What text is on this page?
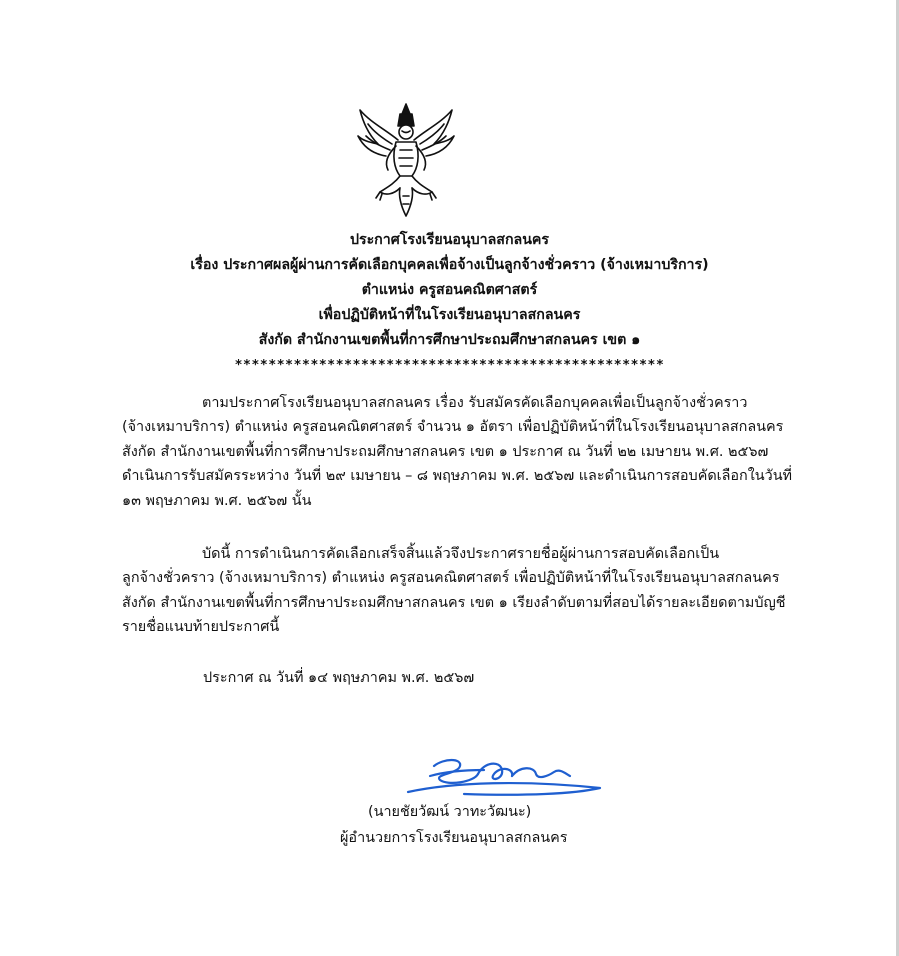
ประกาศโรงเรียนอนุบาลสกลนคร
เรื่อง ประกาศผลผู้ผ่านการคัดเลือกบุคคลเพื่อจ้างเป็นลูกจ้างชั่วคราว (จ้างเหมาบริการ)
ตำแหน่ง ครูสอนคณิตศาสตร์
เพื่อปฏิบัติหน้าที่ในโรงเรียนอนุบาลสกลนคร
สังกัด สำนักงานเขตพื้นที่การศึกษาประถมศึกษาสกลนคร เขต ๑
***************************************************
ตามประกาศโรงเรียนอนุบาลสกลนคร เรื่อง รับสมัครคัดเลือกบุคคลเพื่อเป็นลูกจ้างชั่วคราว
(จ้างเหมาบริการ) ตำแหน่ง ครูสอนคณิตศาสตร์ จำนวน ๑ อัตรา เพื่อปฏิบัติหน้าที่ในโรงเรียนอนุบาลสกลนคร
สังกัด สำนักงานเขตพื้นที่การศึกษาประถมศึกษาสกลนคร เขต ๑ ประกาศ ณ วันที่ ๒๒ เมษายน พ.ศ. ๒๕๖๗
ดำเนินการรับสมัครระหว่าง วันที่ ๒๙ เมษายน – ๘ พฤษภาคม พ.ศ. ๒๕๖๗ และดำเนินการสอบคัดเลือกในวันที่
๑๓ พฤษภาคม พ.ศ. ๒๕๖๗ นั้น
บัดนี้ การดำเนินการคัดเลือกเสร็จสิ้นแล้วจึงประกาศรายชื่อผู้ผ่านการสอบคัดเลือกเป็น
ลูกจ้างชั่วคราว (จ้างเหมาบริการ) ตำแหน่ง ครูสอนคณิตศาสตร์ เพื่อปฏิบัติหน้าที่ในโรงเรียนอนุบาลสกลนคร
สังกัด สำนักงานเขตพื้นที่การศึกษาประถมศึกษาสกลนคร เขต ๑ เรียงลำดับตามที่สอบได้รายละเอียดตามบัญชี
รายชื่อแนบท้ายประกาศนี้
ประกาศ ณ วันที่ ๑๔ พฤษภาคม พ.ศ. ๒๕๖๗
(นายชัยวัฒน์ วาทะวัฒนะ)
ผู้อำนวยการโรงเรียนอนุบาลสกลนคร
